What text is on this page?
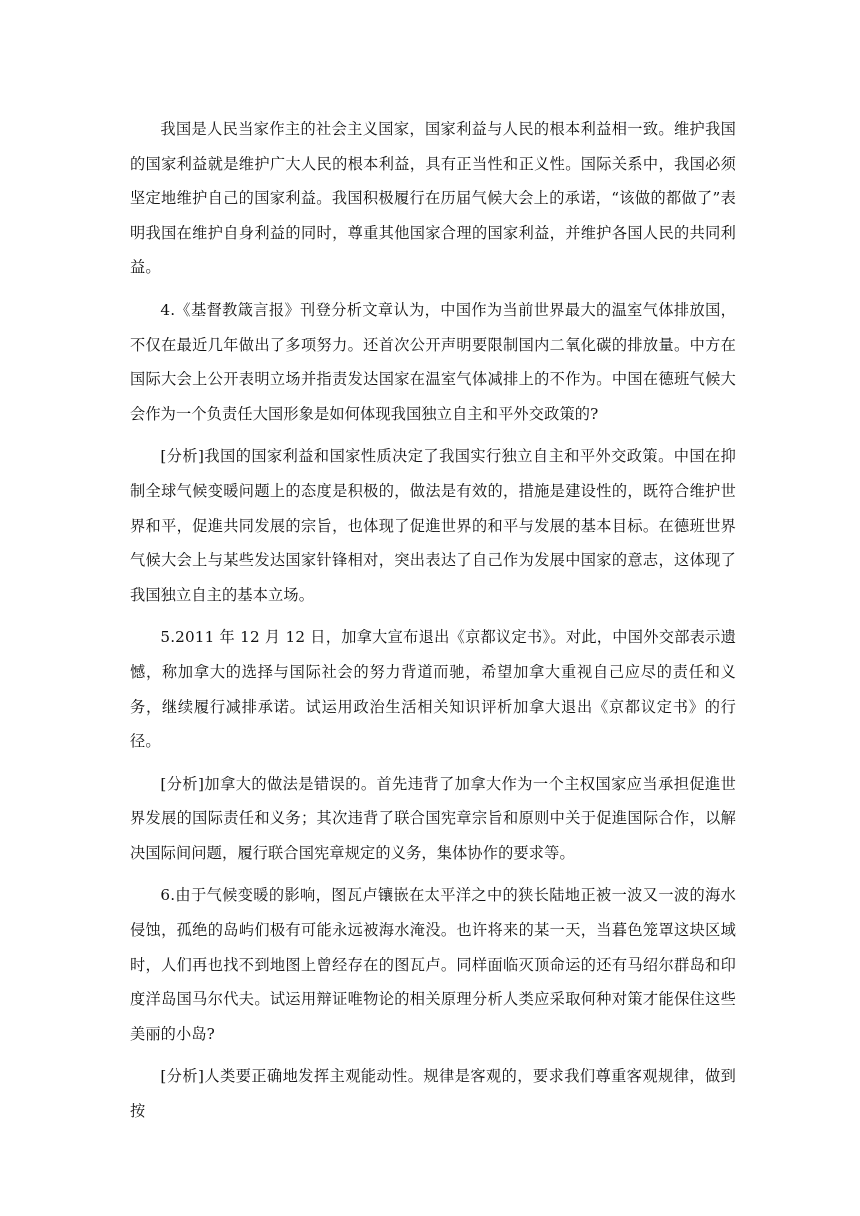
我国是人民当家作主的社会主义国家，国家利益与人民的根本利益相一致。维护我国的国家利益就是维护广大人民的根本利益，具有正当性和正义性。国际关系中，我国必须坚定地维护自己的国家利益。我国积极履行在历届气候大会上的承诺，“该做的都做了”表明我国在维护自身利益的同时，尊重其他国家合理的国家利益，并维护各国人民的共同利益。

4.《基督教箴言报》刊登分析文章认为，中国作为当前世界最大的温室气体排放国，不仅在最近几年做出了多项努力。还首次公开声明要限制国内二氧化碳的排放量。中方在国际大会上公开表明立场并指责发达国家在温室气体减排上的不作为。中国在德班气候大会作为一个负责任大国形象是如何体现我国独立自主和平外交政策的?

[分析]我国的国家利益和国家性质决定了我国实行独立自主和平外交政策。中国在抑制全球气候变暖问题上的态度是积极的，做法是有效的，措施是建设性的，既符合维护世界和平，促進共同发展的宗旨，也体现了促進世界的和平与发展的基本目标。在德班世界气候大会上与某些发达国家针锋相对，突出表达了自己作为发展中国家的意志，这体现了我国独立自主的基本立场。

5.2011 年 12 月 12 日，加拿大宣布退出《京都议定书》。对此，中国外交部表示遗憾，称加拿大的选择与国际社会的努力背道而驰，希望加拿大重视自己应尽的责任和义务，继续履行减排承诺。试运用政治生活相关知识评析加拿大退出《京都议定书》的行径。

[分析]加拿大的做法是错误的。首先违背了加拿大作为一个主权国家应当承担促進世界发展的国际责任和义务；其次违背了联合国宪章宗旨和原则中关于促進国际合作，以解决国际间问题，履行联合国宪章规定的义务，集体协作的要求等。

6.由于气候变暖的影响，图瓦卢镶嵌在太平洋之中的狭长陆地正被一波又一波的海水侵蚀，孤绝的岛屿们极有可能永远被海水淹没。也许将来的某一天，当暮色笼罩这块区域时，人们再也找不到地图上曾经存在的图瓦卢。同样面临灭顶命运的还有马绍尔群岛和印度洋岛国马尔代夫。试运用辩证唯物论的相关原理分析人类应采取何种对策才能保住这些美丽的小岛?

[分析]人类要正确地发挥主观能动性。规律是客观的，要求我们尊重客观规律，做到按
